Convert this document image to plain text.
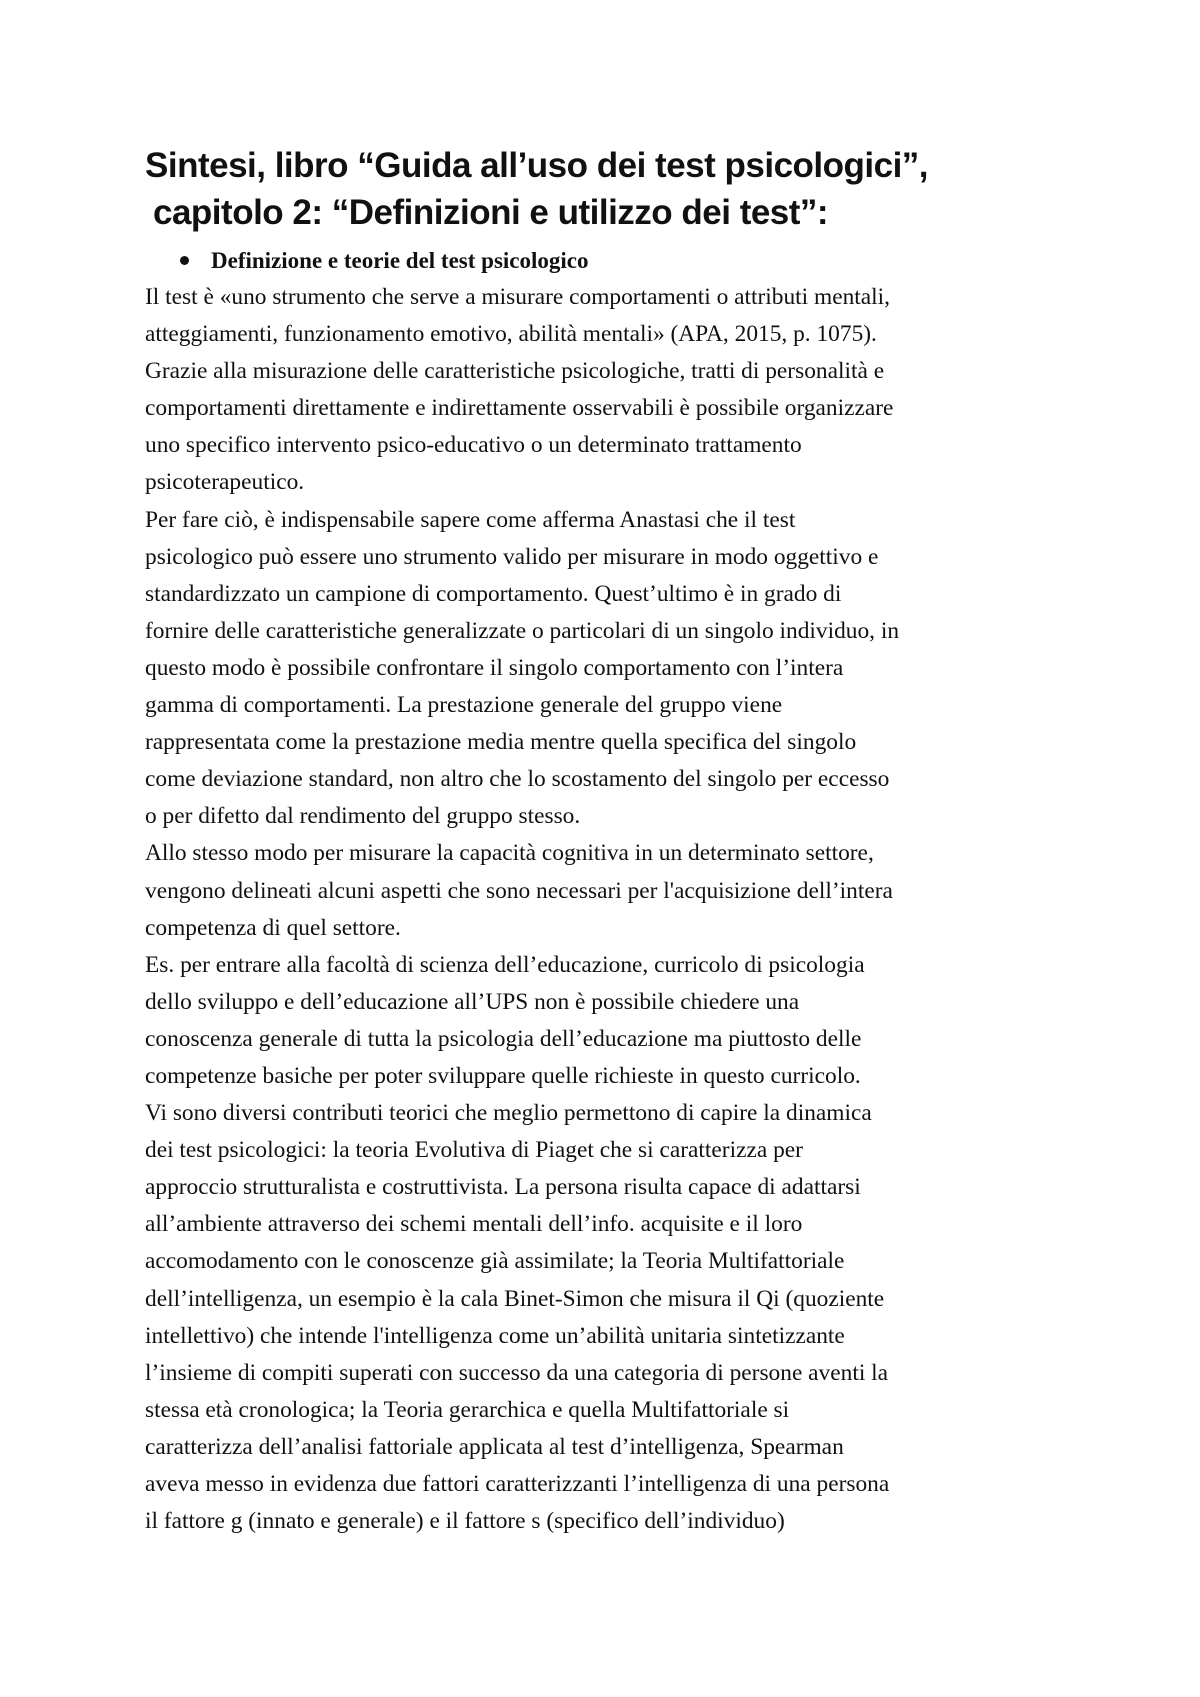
Sintesi, libro “Guida all’uso dei test psicologici”,
capitolo 2: “Definizioni e utilizzo dei test”:
Definizione e teorie del test psicologico
Il test è «uno strumento che serve a misurare comportamenti o attributi mentali,
atteggiamenti, funzionamento emotivo, abilità mentali» (APA, 2015, p. 1075).
Grazie alla misurazione delle caratteristiche psicologiche, tratti di personalità e
comportamenti direttamente e indirettamente osservabili è possibile organizzare
uno specifico intervento psico-educativo o un determinato trattamento
psicoterapeutico.
Per fare ciò, è indispensabile sapere come afferma Anastasi che il test
psicologico può essere uno strumento valido per misurare in modo oggettivo e
standardizzato un campione di comportamento. Quest’ultimo è in grado di
fornire delle caratteristiche generalizzate o particolari di un singolo individuo, in
questo modo è possibile confrontare il singolo comportamento con l’intera
gamma di comportamenti. La prestazione generale del gruppo viene
rappresentata come la prestazione media mentre quella specifica del singolo
come deviazione standard, non altro che lo scostamento del singolo per eccesso
o per difetto dal rendimento del gruppo stesso.
Allo stesso modo per misurare la capacità cognitiva in un determinato settore,
vengono delineati alcuni aspetti che sono necessari per l'acquisizione dell’intera
competenza di quel settore.
Es. per entrare alla facoltà di scienza dell’educazione, curricolo di psicologia
dello sviluppo e dell’educazione all’UPS non è possibile chiedere una
conoscenza generale di tutta la psicologia dell’educazione ma piuttosto delle
competenze basiche per poter sviluppare quelle richieste in questo curricolo.
Vi sono diversi contributi teorici che meglio permettono di capire la dinamica
dei test psicologici: la teoria Evolutiva di Piaget che si caratterizza per
approccio strutturalista e costruttivista. La persona risulta capace di adattarsi
all’ambiente attraverso dei schemi mentali dell’info. acquisite e il loro
accomodamento con le conoscenze già assimilate; la Teoria Multifattoriale
dell’intelligenza, un esempio è la cala Binet-Simon che misura il Qi (quoziente
intellettivo) che intende l'intelligenza come un’abilità unitaria sintetizzante
l’insieme di compiti superati con successo da una categoria di persone aventi la
stessa età cronologica; la Teoria gerarchica e quella Multifattoriale si
caratterizza dell’analisi fattoriale applicata al test d’intelligenza, Spearman
aveva messo in evidenza due fattori caratterizzanti l’intelligenza di una persona
il fattore g (innato e generale) e il fattore s (specifico dell’individuo)
